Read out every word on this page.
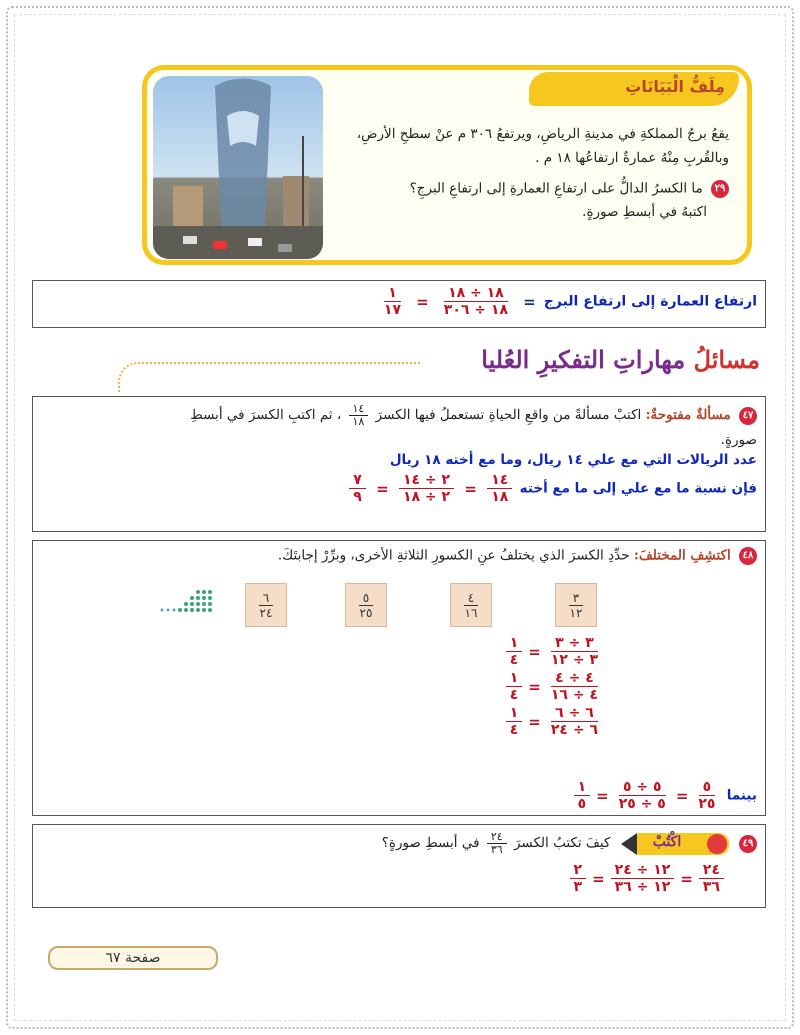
مِلَفُّ الْبَيَانَاتِ
يقعُ برجُ المملكةِ في مدينةِ الرياضِ، ويرتفعُ ٣٠٦ م عنْ سطحِ الأرضِ،
وبالقُربِ مِنْهُ عمارةٌ ارتفاعُها ١٨ م .
٢٩ ما الكسرُ الدالُّ على ارتفاعِ العمارةِ إلى ارتفاعِ البرجِ؟
اكتبهُ في أبسطِ صورةٍ.
ارتفاع العمارة إلى ارتفاع البرج =
$\frac{١٨ \div ١٨}{١٨ \div ٣٠٦}$
=
$\frac{١}{١٧}$
مسائلُ مهاراتِ التفكيرِ العُليا
٤٧ مسألةٌ مفتوحةٌ: اكتبْ مسألةً من واقعِ الحياةِ تستعملُ فيها الكسرَ
$\frac{١٤}{١٨}$
، ثم اكتبِ الكسرَ في أبسطِ
صورةٍ.
عدد الريالات التي مع علي ١٤ ريال، وما مع أخته ١٨ ريال
فإن نسبة ما مع علي إلى ما مع أخته
$\frac{١٤}{١٨}$
=
$\frac{٢ \div ١٤}{٢ \div ١٨}$
=
$\frac{٧}{٩}$
٤٨ اكتشِفِ المختلفَ: حدِّدِ الكسرَ الذي يختلفُ عنِ الكسورِ الثلاثةِ الأخرى، وبرِّرْ إجابتَكَ.
$\frac{٣ \div ٣}{٣ \div ١٢}$
=
$\frac{١}{٤}$
$\frac{٤ \div ٤}{٤ \div ١٦}$
=
$\frac{١}{٤}$
$\frac{٦ \div ٦}{٦ \div ٢٤}$
=
$\frac{١}{٤}$
بينما
$\frac{٥}{٢٥}$
=
$\frac{٥ \div ٥}{٥ \div ٢٥}$
=
$\frac{١}{٥}$
$\frac{٣}{١٢}$
$\frac{٤}{١٦}$
$\frac{٥}{٢٥}$
$\frac{٦}{٢٤}$
٤٩
اكْتُبْ
كيفَ تكتبُ الكسرَ
$\frac{٢٤}{٣٦}$
في أبسطِ صورةٍ؟
$\frac{٢٤}{٣٦}$
=
$\frac{١٢ \div ٢٤}{١٢ \div ٣٦}$
=
$\frac{٢}{٣}$
صفحة ٦٧
